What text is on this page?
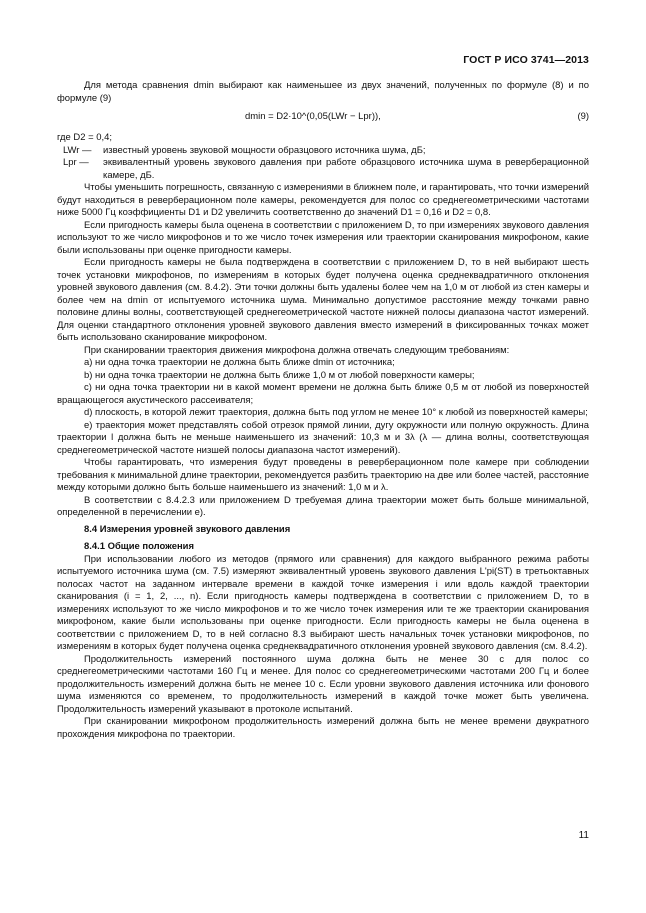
ГОСТ Р ИСО 3741—2013

Для метода сравнения dmin выбирают как наименьшее из двух значений, полученных по формуле (8) и по формуле (9)

dmin = D2·10^(0,05(LWr − Lpr)),	(9)

где D2 = 0,4;

LWr — известный уровень звуковой мощности образцового источника шума, дБ;

Lpr — эквивалентный уровень звукового давления при работе образцового источника шума в реверберационной камере, дБ.

Чтобы уменьшить погрешность, связанную с измерениями в ближнем поле, и гарантировать, что точки измерений будут находиться в реверберационном поле камеры, рекомендуется для полос со среднегеометрическими частотами ниже 5000 Гц коэффициенты D1 и D2 увеличить соответственно до значений D1 = 0,16 и D2 = 0,8.

Если пригодность камеры была оценена в соответствии с приложением D, то при измерениях звукового давления используют то же число микрофонов и то же число точек измерения или траектории сканирования микрофоном, какие были использованы при оценке пригодности камеры.

Если пригодность камеры не была подтверждена в соответствии с приложением D, то в ней выбирают шесть точек установки микрофонов, по измерениям в которых будет получена оценка среднеквадратичного отклонения уровней звукового давления (см. 8.4.2). Эти точки должны быть удалены более чем на 1,0 м от любой из стен камеры и более чем на dmin от испытуемого источника шума. Минимально допустимое расстояние между точками равно половине длины волны, соответствующей среднегеометрической частоте нижней полосы диапазона частот измерений. Для оценки стандартного отклонения уровней звукового давления вместо измерений в фиксированных точках может быть использовано сканирование микрофоном.

При сканировании траектория движения микрофона должна отвечать следующим требованиям:

a) ни одна точка траектории не должна быть ближе dmin от источника;

b) ни одна точка траектории не должна быть ближе 1,0 м от любой поверхности камеры;

c) ни одна точка траектории ни в какой момент времени не должна быть ближе 0,5 м от любой из поверхностей вращающегося акустического рассеивателя;

d) плоскость, в которой лежит траектория, должна быть под углом не менее 10° к любой из поверхностей камеры;

e) траектория может представлять собой отрезок прямой линии, дугу окружности или полную окружность. Длина траектории l должна быть не меньше наименьшего из значений: 10,3 м и 3λ (λ — длина волны, соответствующая среднегеометрической частоте низшей полосы диапазона частот измерений).

Чтобы гарантировать, что измерения будут проведены в реверберационном поле камере при соблюдении требования к минимальной длине траектории, рекомендуется разбить траекторию на две или более частей, расстояние между которыми должно быть больше наименьшего из значений: 1,0 м и λ.

В соответствии с 8.4.2.3 или приложением D требуемая длина траектории может быть больше минимальной, определенной в перечислении e).

8.4 Измерения уровней звукового давления

8.4.1 Общие положения

При использовании любого из методов (прямого или сравнения) для каждого выбранного режима работы испытуемого источника шума (см. 7.5) измеряют эквивалентный уровень звукового давления L'pi(ST) в третьоктавных полосах частот на заданном интервале времени в каждой точке измерения i или вдоль каждой траектории сканирования (i = 1, 2, ..., n). Если пригодность камеры подтверждена в соответствии с приложением D, то в измерениях используют то же число микрофонов и то же число точек измерения или те же траектории сканирования микрофоном, какие были использованы при оценке пригодности. Если пригодность камеры не была оценена в соответствии с приложением D, то в ней согласно 8.3 выбирают шесть начальных точек установки микрофонов, по измерениям в которых будет получена оценка среднеквадратичного отклонения уровней звукового давления (см. 8.4.2).

Продолжительность измерений постоянного шума должна быть не менее 30 с для полос со среднегеометрическими частотами 160 Гц и менее. Для полос со среднегеометрическими частотами 200 Гц и более продолжительность измерений должна быть не менее 10 с. Если уровни звукового давления источника или фонового шума изменяются со временем, то продолжительность измерений в каждой точке может быть увеличена. Продолжительность измерений указывают в протоколе испытаний.

При сканировании микрофоном продолжительность измерений должна быть не менее времени двукратного прохождения микрофона по траектории.

11
